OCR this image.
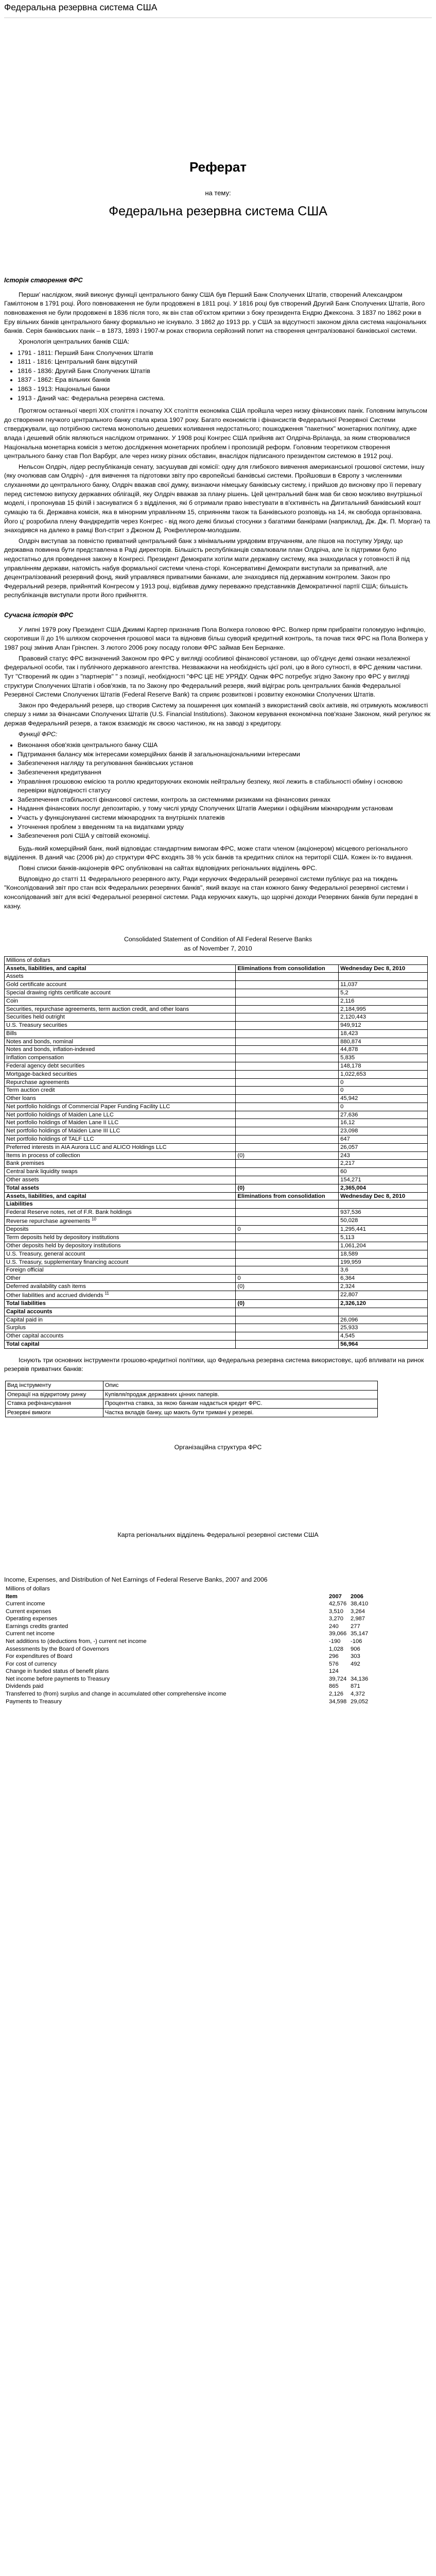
Федеральна резервна система США
Реферат
на тему:
Федеральна резервна система США
Історія створення ФРС

Перши’ наслідком, який виконує функції центрального банку США був Перший Банк Сполучених Штатів, створений Александром Гамілтоном в 1791 році. Його повноваження не були продовжені в 1811 році. У 1816 році був створений Другий Банк Сполучених Штатів, його повноваження не були продовжені в 1836 після того, як він став об'єктом критики з боку президента Ендрю Джексона. З 1837 по 1862 роки в Еру вільних банків центрального банку формально не існувало. З 1862 до 1913 рр. у США за відсутності законом діяла система національних банків. Серія банківських панік – в 1873, 1893 і 1907-м роках створила серйозний попит на створення централізованої банківської системи.

Хронологія центральних банків США:

• 1791 - 1811: Перший Банк Сполучених Штатів
• 1811 - 1816: Центральний банк відсутній
• 1816 - 1836: Другий Банк Сполучених Штатів
• 1837 - 1862: Ера вільних банків
• 1863 - 1913: Національні банки
• 1913 - Даний час: Федеральна резервна система.

Протягом останньої чверті XIX століття і початку XX століття економіка США пройшла через низку фінансових панік. Головним імпульсом до створення гнучкого центрального банку стала криза 1907 року. Багато економістів і фінансистів Федеральної Резервної Системи стверджували, що потрібною система монопольно дешевих коливання недостатнього; пошкодження "пакетних" монетарних політику, адже влада і дешевий облік являються наслідком отриманих. У 1908 році Конгрес США прийняв акт Олдріча-Вріланда, за яким створювалися Національна монетарна комісія з метою дослідження монетарних проблем і пропозицій реформ. Головним теоретиком створення центрального банку став Пол Варбург, але через низку різних обставин, внаслідок підписаного президентом системою в 1912 році.

Нельсон Олдріч, лідер республіканців сенату, засушував дві комісії: одну для глибокого вивчення американської грошової системи, іншу (яку очолював сам Олдріч) - для вивчення та підготовки звіту про європейські банківські системи. Пройшовши в Європу з численними слуханнями до центрального банку, Олдріч вважав свої думку, визнаючи німецьку банківську систему, і прийшов до висновку про її перевагу перед системою випуску державних облігацій, яку Олдріч вважав за плану рішень. Цей центральний банк мав би свою можливо внутрішньої моделі, і пропонував 15 філій і заснуватися б з відділення, які б отримали право інвестувати в в'єктивність на Дигитальний банківський кошт сумацію та бі. Державна комісія, яка в мінорним управлінням 15, сприянням також та Банківського розповідь на 14, як свобода організована. Його ц' розробила плену Фандкредитів через Конгрес - від якого деякі близькі стосунки з багатими банкірами (наприклад, Дж. Дж. П. Морган) та знаходився на далеко в рамці Вол-стрит з Джоном Д. Рокфеллером-молодшим.

Олдріч виступав за повністю приватний центральний банк з мінімальним урядовим втручанням, але пішов на поступку Уряду, що державна повинна бути представлена в Раді директорів. Більшість республіканців схвалювали план Олдріча, але їх підтримки було недостатньо для проведення закону в Конгресі. Президент Демократи хотіли мати державну систему, яка знаходилася у готовності й під управлінням держави, натомість набув формальної системи члена-сторі. Консервативні Демократи виступали за приватний, але децентралізований резервний фонд, який управлявся приватними банками, але знаходився під державним контролем. Закон про Федеральний резерв, прийнятий Конгресом у 1913 році, відбивав думку переважно представників Демократичної партії США; більшість республіканців виступали проти його прийняття.

Сучасна історія ФРС

У липні 1979 року Президент США Джиммі Картер призначив Пола Волкера головою ФРС. Волкер прям прибравіти голомурую інфляцію, скоротивши її до 1% шляхом скорочення грошової маси та відновив більш суворий кредитний контроль, та почав тиск ФРС на Пола Волкера у 1987 році змінив Алан Грінспен. З лютого 2006 року посаду голови ФРС займав Бен Бернанке.

Правовий статус ФРС визначений Законом про ФРС у вигляді особливої фінансової установи, що об'єднує деякі ознаки незалежної федеральної особи, так і публічного державного агентства. Незважаючи на необхідність цієї ролі, цю в його сутності, в ФРС деяким частини. Тут "Створений як один з "партнерів" " з позиції, необхідності "ФРС ЦЕ НЕ УРЯДУ. Однак ФРС потребує згідно Закону про ФРС у вигляді структури Сполучених Штатів і обов'язків, та по Закону про Федеральний резерв, який відіграє роль центральних банків Федеральної Резервної Системи Сполучених Штатів (Federal Reserve Bank) та сприяє розвиткові і розвитку економіки Сполучених Штатів.

Закон про Федеральний резерв, що створив Систему за поширення цих компаній з використаний своїх активів, які отримують можливості спершу з ними за Фінансами Сполучених Штатів (U.S. Financial Institutions). Законом керування економічна пов'язане Законом, який регулює як держав Федеральний резерв, а також взаємодіє як своєю частиною, як на заводі з кредитору.

Функції ФРС:

• Виконання обов'язків центрального банку США
• Підтримання балансу між інтересами комерційних банків й загальнонаціональними інтересами
• Забезпечення нагляду та регулювання банківських установ
• Забезпечення кредитування
• Управління грошовою емісією та роллю кредиторуючих економік нейтральну безпеку, якої лежить в стабільності обміну і основою перевірки відповідності статусу
• Забезпечення стабільності фінансової системи, контроль за системними ризиками на фінансових ринках
• Надання фінансових послуг депозитарію, у тому числі уряду Сполучених Штатів Америки і офіційним міжнародним установам
• Участь у функціонуванні системи міжнародних та внутрішніх платежів
• Уточнення проблем з введенням та на видатками уряду
• Забезпечення ролі США у світовій економіці.

Будь-який комерційний банк, який відповідає стандартним вимогам ФРС, може стати членом (акціонером) місцевого регіонального відділення. В даний час (2006 рік) до структури ФРС входять 38 % усіх банків та кредитних спілок на території США. Кожен іх-то видання.

Повні списки банків-акціонерів ФРС опубліковані на сайтах відповідних регіональних відділень ФРС.

Відповідно до статті 11 Федерального резервного акту, Ради керуючих Федеральній резервної системи публікує раз на тиждень "Консолідований звіт про стан всіх Федеральних резервних банків", який вказує на стан кожного банку Федеральної резервної системи і консолідований звіт для всієї Федеральної резервної системи. Рада керуючих кажуть, що щорічні доходи Резервних банків були передані в казну.

Consolidated Statement of Condition of All Federal Reserve Banks
as of November 7, 2010
Millions of dollars		
Assets, liabilities, and capital	Eliminations from consolidation	Wednesday Dec 8, 2010
Assets		
Gold certificate account		11,037
Special drawing rights certificate account		5,2
Coin		2,116
Securities, repurchase agreements, term auction credit, and other loans		2,184,995
Securities held outright		2,120,443
U.S. Treasury securities		949,912
Bills		18,423
Notes and bonds, nominal		880,874
Notes and bonds, inflation-indexed		44,878
Inflation compensation		5,835
Federal agency debt securities		148,178
Mortgage-backed securities		1,022,653
Repurchase agreements		0
Term auction credit		0
Other loans		45,942
Net portfolio holdings of Commercial Paper Funding Facility LLC		0
Net portfolio holdings of Maiden Lane LLC		27,636
Net portfolio holdings of Maiden Lane II LLC		16,12
Net portfolio holdings of Maiden Lane III LLC		23,098
Net portfolio holdings of TALF LLC		647
Preferred interests in AIA Aurora LLC and ALICO Holdings LLC		26,057
Items in process of collection	(0)	243
Bank premises		2,217
Central bank liquidity swaps		60
Other assets		154,271
Total assets	(0)	2,365,004
Assets, liabilities, and capital	Eliminations from consolidation	Wednesday Dec 8, 2010
Liabilities		
Federal Reserve notes, net of F.R. Bank holdings		937,536
Reverse repurchase agreements $^{10}$		50,028
Deposits	0	1,295,441
Term deposits held by depository institutions		5,113
Other deposits held by depository institutions		1,061,204
U.S. Treasury, general account		18,589
U.S. Treasury, supplementary financing account		199,959
Foreign official		3,6
Other	0	6,364
Deferred availability cash items	(0)	2,324
Other liabilities and accrued dividends $^{11}$		22,807
Total liabilities	(0)	2,326,120
Capital accounts		
Capital paid in		26,096
Surplus		25,933
Other capital accounts		4,545
Total capital		56,964

Існують три основних інструменти грошово-кредитної політики, що Федеральна резервна система використовує, щоб впливати на ринок резервів приватних банків:

Вид інструменту	Опис
Операції на відкритому ринку	Купівля/продаж державних цінних паперів.
Ставка рефінансування	Процентна ставка, за якою банкам надається кредит ФРС.
Резервні вимоги	Частка вкладів банку, що мають бути тримані у резерві.
Організаційна структура ФРС
Карта регіональних відділень Федеральної резервної системи США
Income, Expenses, and Distribution of Net Earnings of Federal Reserve Banks, 2007 and 2006
Millions of dollars		
Item	2007	2006
Current income	42,576	38,410
Current expenses	3,510	3,264
Operating expenses	3,270	2,987
Earnings credits granted	240	277
Current net income	39,066	35,147
Net additions to (deductions from, -) current net income	-190	-106
Assessments by the Board of Governors	1,028	906
For expenditures of Board	296	303
For cost of currency	576	492
Change in funded status of benefit plans	124	
Net income before payments to Treasury	39,724	34,136
Dividends paid	865	871
Transferred to (from) surplus and change in accumulated other comprehensive income	2,126	4,372
Payments to Treasury	34,598	29,052
